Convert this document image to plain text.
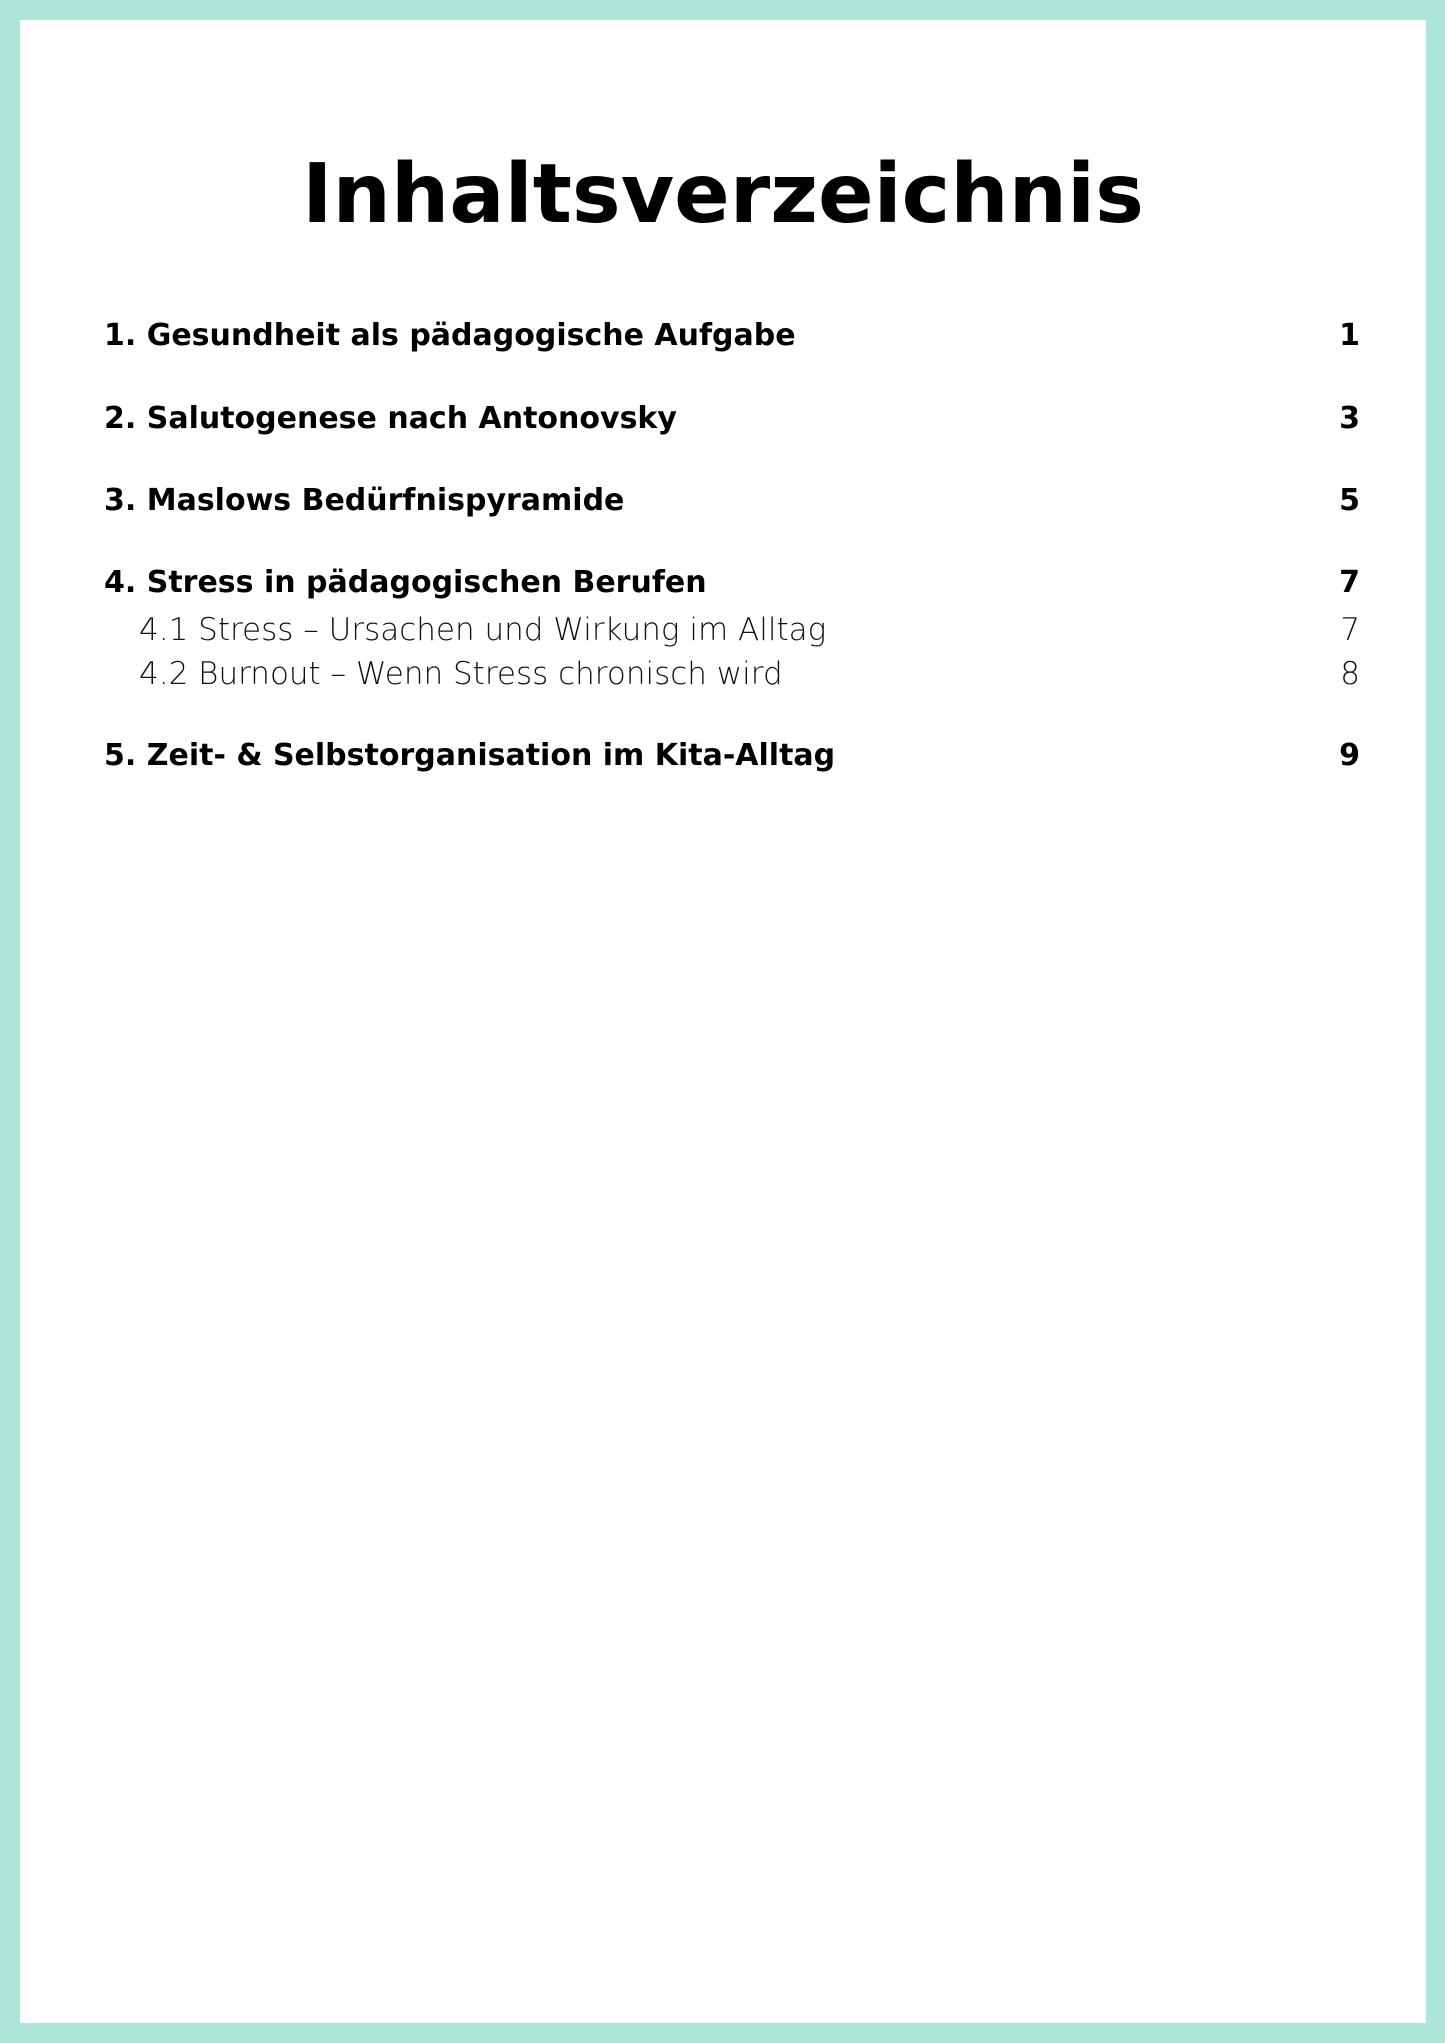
Inhaltsverzeichnis
1. Gesundheit als pädagogische Aufgabe	1
2. Salutogenese nach Antonovsky	3
3. Maslows Bedürfnispyramide	5
4. Stress in pädagogischen Berufen	7
4.1 Stress – Ursachen und Wirkung im Alltag	7
4.2 Burnout – Wenn Stress chronisch wird	8
5. Zeit- & Selbstorganisation im Kita-Alltag	9
